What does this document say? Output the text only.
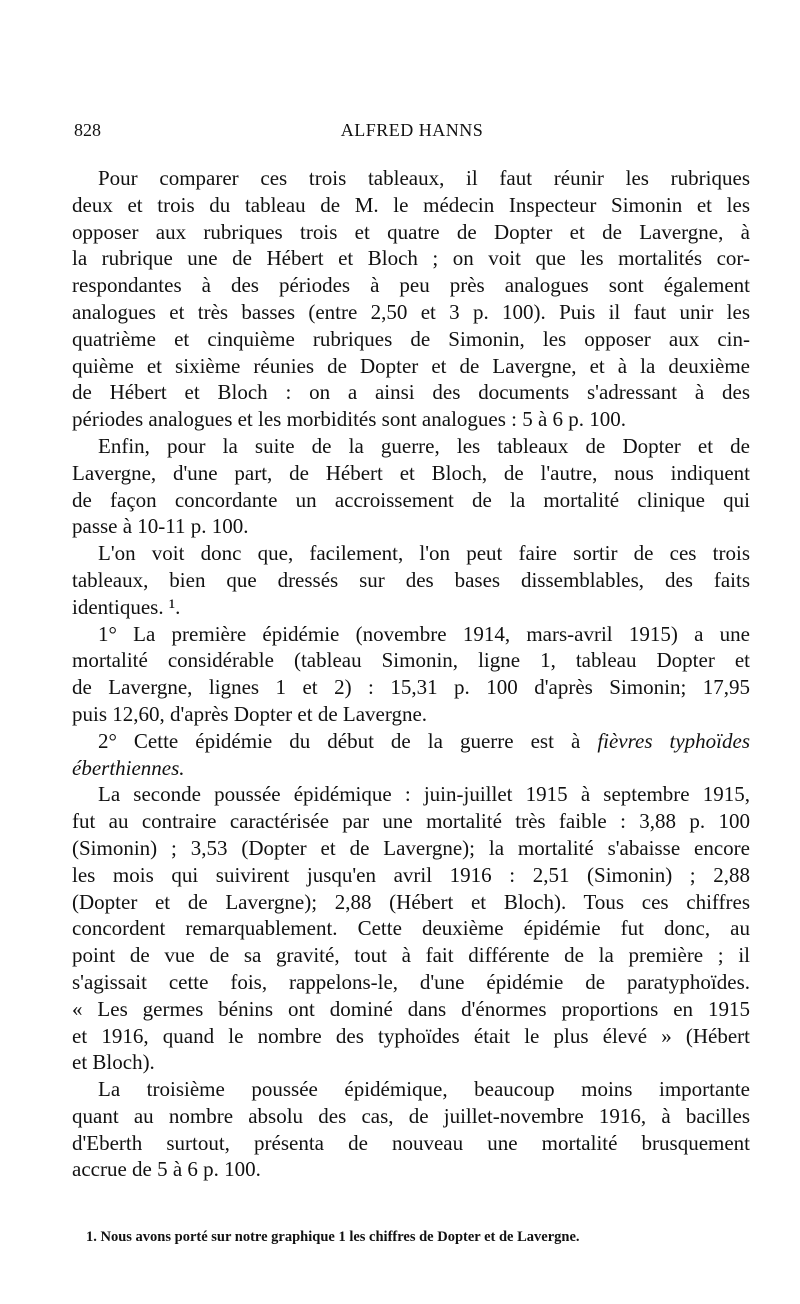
828	ALFRED HANNS
Pour comparer ces trois tableaux, il faut réunir les rubriques
deux et trois du tableau de M. le médecin Inspecteur Simonin et les
opposer aux rubriques trois et quatre de Dopter et de Lavergne, à
la rubrique une de Hébert et Bloch ; on voit que les mortalités cor-
respondantes à des périodes à peu près analogues sont également
analogues et très basses (entre 2,50 et 3 p. 100). Puis il faut unir les
quatrième et cinquième rubriques de Simonin, les opposer aux cin-
quième et sixième réunies de Dopter et de Lavergne, et à la deuxième
de Hébert et Bloch : on a ainsi des documents s'adressant à des
périodes analogues et les morbidités sont analogues : 5 à 6 p. 100.
Enfin, pour la suite de la guerre, les tableaux de Dopter et de
Lavergne, d'une part, de Hébert et Bloch, de l'autre, nous indiquent
de façon concordante un accroissement de la mortalité clinique qui
passe à 10-11 p. 100.
L'on voit donc que, facilement, l'on peut faire sortir de ces trois
tableaux, bien que dressés sur des bases dissemblables, des faits
identiques. ¹.
1° La première épidémie (novembre 1914, mars-avril 1915) a une
mortalité considérable (tableau Simonin, ligne 1, tableau Dopter et
de Lavergne, lignes 1 et 2) : 15,31 p. 100 d'après Simonin; 17,95
puis 12,60, d'après Dopter et de Lavergne.
2° Cette épidémie du début de la guerre est à fièvres typhoïdes
éberthiennes.
La seconde poussée épidémique : juin-juillet 1915 à septembre 1915,
fut au contraire caractérisée par une mortalité très faible : 3,88 p. 100
(Simonin) ; 3,53 (Dopter et de Lavergne); la mortalité s'abaisse encore
les mois qui suivirent jusqu'en avril 1916 : 2,51 (Simonin) ; 2,88
(Dopter et de Lavergne); 2,88 (Hébert et Bloch). Tous ces chiffres
concordent remarquablement. Cette deuxième épidémie fut donc, au
point de vue de sa gravité, tout à fait différente de la première ; il
s'agissait cette fois, rappelons-le, d'une épidémie de paratyphoïdes.
« Les germes bénins ont dominé dans d'énormes proportions en 1915
et 1916, quand le nombre des typhoïdes était le plus élevé » (Hébert
et Bloch).
La troisième poussée épidémique, beaucoup moins importante
quant au nombre absolu des cas, de juillet-novembre 1916, à bacilles
d'Eberth surtout, présenta de nouveau une mortalité brusquement
accrue de 5 à 6 p. 100.
1. Nous avons porté sur notre graphique 1 les chiffres de Dopter et de Lavergne.
